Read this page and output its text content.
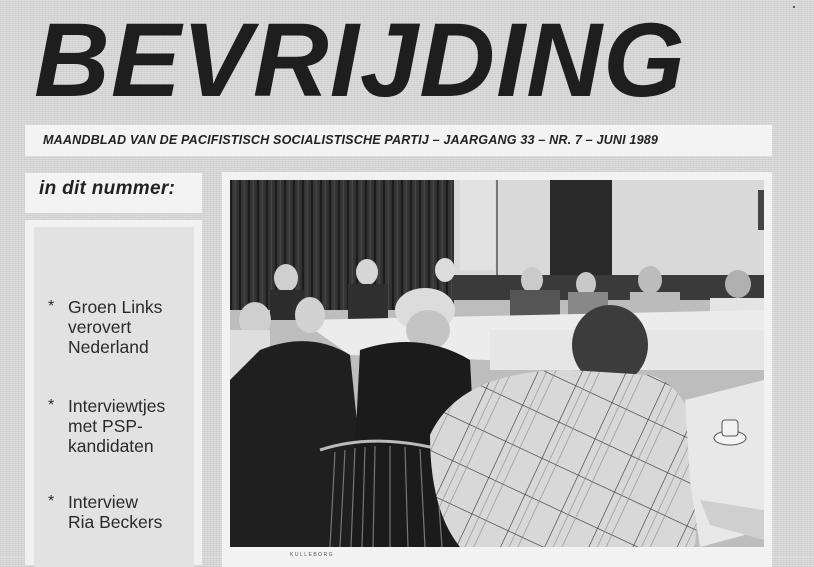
BEVRIJDING
MAANDBLAD VAN DE PACIFISTISCH SOCIALISTISCHE PARTIJ – JAARGANG 33 – NR. 7 – JUNI 1989
in dit nummer:
* Groen Links
verovert
Nederland
* Interviewtjes
met PSP-
kandidaten
* Interview
Ria Beckers
KULLEBORG
